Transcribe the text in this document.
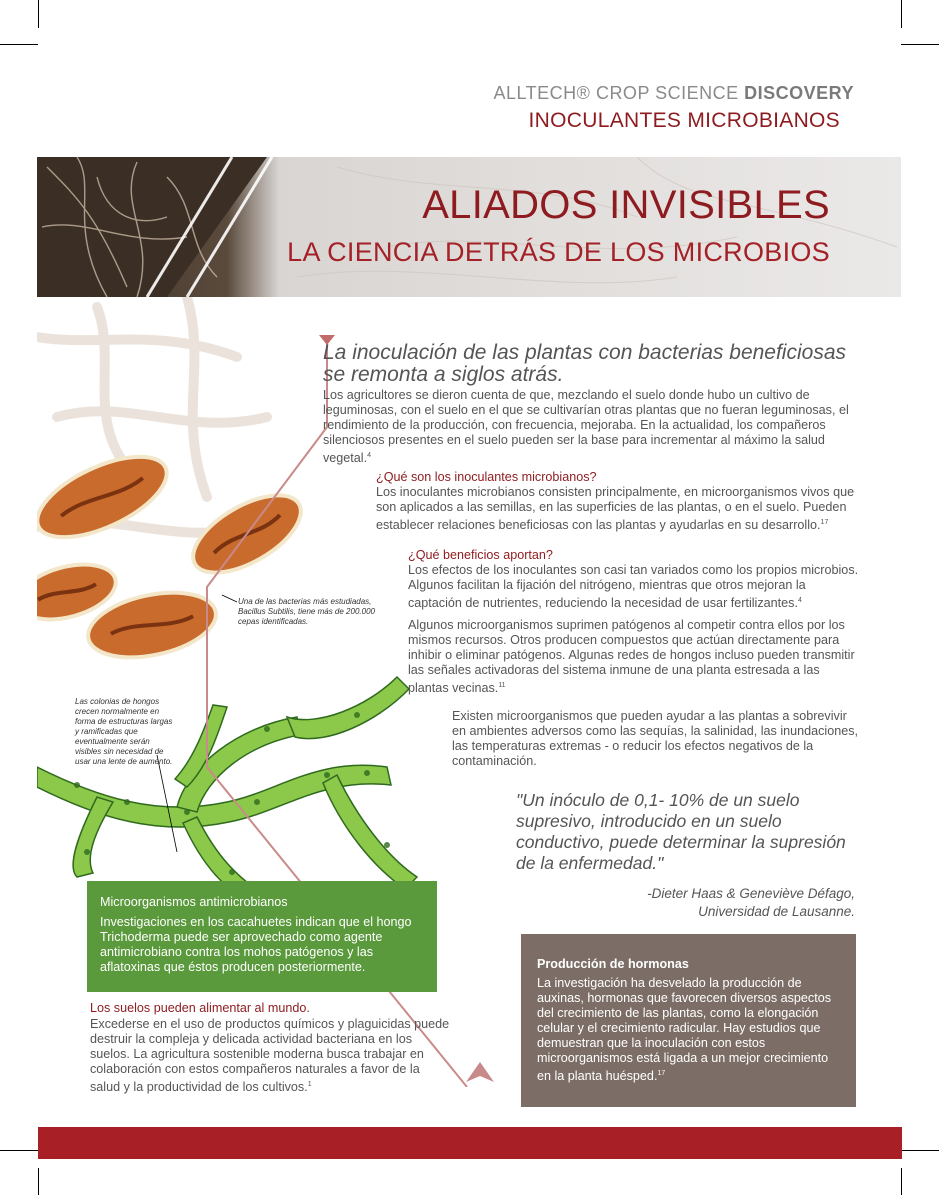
ALLTECH® CROP SCIENCE DISCOVERY
INOCULANTES MICROBIANOS
ALIADOS INVISIBLES
LA CIENCIA DETRÁS DE LOS MICROBIOS
La inoculación de las plantas con bacterias beneficiosas se remonta a siglos atrás.
Los agricultores se dieron cuenta de que, mezclando el suelo donde hubo un cultivo de leguminosas, con el suelo en el que se cultivarían otras plantas que no fueran leguminosas, el rendimiento de la producción, con frecuencia, mejoraba. En la actualidad, los compañeros silenciosos presentes en el suelo pueden ser la base para incrementar al máximo la salud vegetal.$^4$
¿Qué son los inoculantes microbianos?
Los inoculantes microbianos consisten principalmente, en microorganismos vivos que son aplicados a las semillas, en las superficies de las plantas, o en el suelo. Pueden establecer relaciones beneficiosas con las plantas y ayudarlas en su desarrollo.$^{17}$
¿Qué beneficios aportan?
Los efectos de los inoculantes son casi tan variados como los propios microbios. Algunos facilitan la fijación del nitrógeno, mientras que otros mejoran la captación de nutrientes, reduciendo la necesidad de usar fertilizantes.$^4$
Algunos microorganismos suprimen patógenos al competir contra ellos por los mismos recursos. Otros producen compuestos que actúan directamente para inhibir o eliminar patógenos. Algunas redes de hongos incluso pueden transmitir las señales activadoras del sistema inmune de una planta estresada a las plantas vecinas.$^{11}$
Existen microorganismos que pueden ayudar a las plantas a sobrevivir en ambientes adversos como las sequías, la salinidad, las inundaciones, las temperaturas extremas - o reducir los efectos negativos de la contaminación.
Una de las bacterias más estudiadas, Bacillus Subtilis, tiene más de 200.000 cepas identificadas.
Las colonias de hongos crecen normalmente en forma de estructuras largas y ramificadas que eventualmente serán visibles sin necesidad de usar una lente de aumento.
"Un inóculo de 0,1- 10% de un suelo supresivo, introducido en un suelo conductivo, puede determinar la supresión de la enfermedad."
-Dieter Haas & Geneviève Défago,
Universidad de Lausanne.
Microorganismos antimicrobianos
Investigaciones en los cacahuetes indican que el hongo Trichoderma puede ser aprovechado como agente antimicrobiano contra los mohos patógenos y las aflatoxinas que éstos producen posteriormente.
Los suelos pueden alimentar al mundo.
Excederse en el uso de productos químicos y plaguicidas puede destruir la compleja y delicada actividad bacteriana en los suelos. La agricultura sostenible moderna busca trabajar en colaboración con estos compañeros naturales a favor de la salud y la productividad de los cultivos.$^1$
Producción de hormonas
La investigación ha desvelado la producción de auxinas, hormonas que favorecen diversos aspectos del crecimiento de las plantas, como la elongación celular y el crecimiento radicular. Hay estudios que demuestran que la inoculación con estos microorganismos está ligada a un mejor crecimiento en la planta huésped.$^{17}$
